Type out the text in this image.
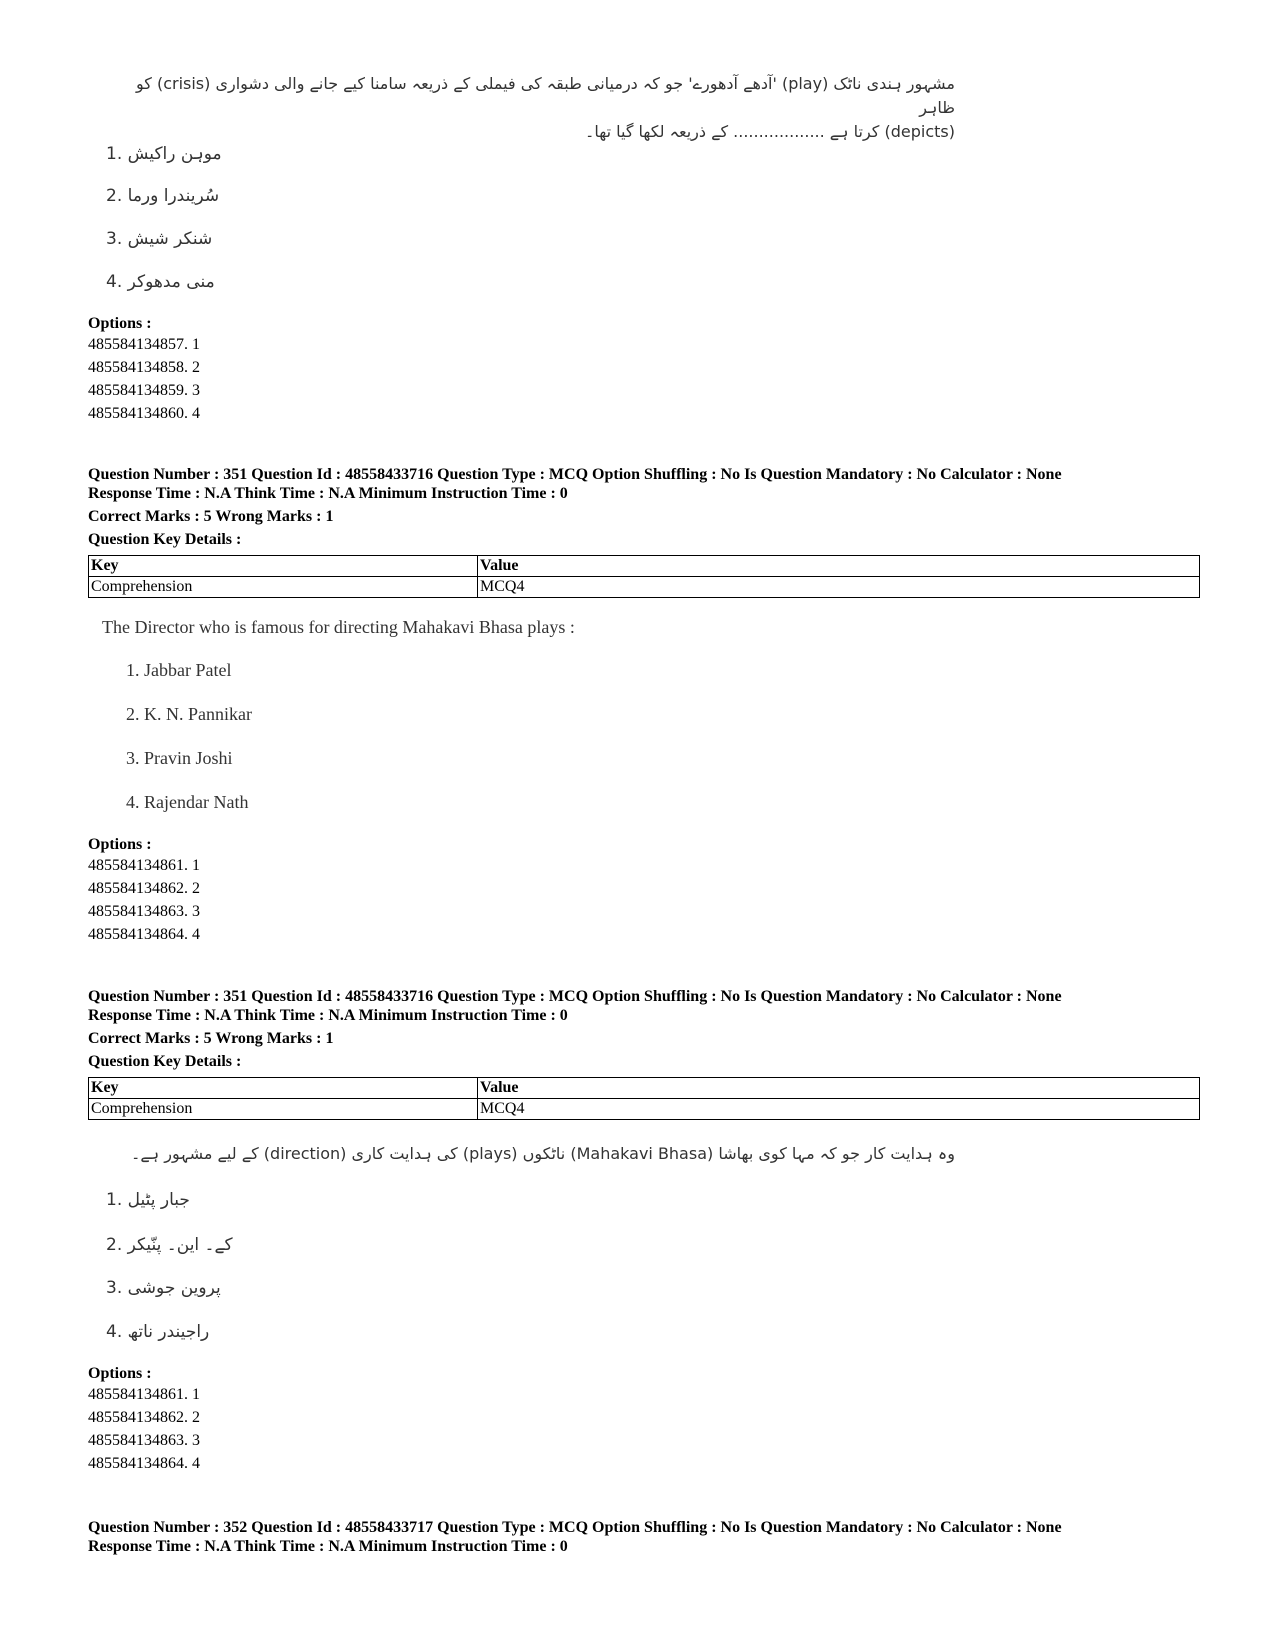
مشہور ہندی ناٹک (play) 'آدھے آدھورے' جو کہ درمیانی طبقہ کی فیملی کے ذریعہ سامنا کیے جانے والی دشواری (crisis) کو ظاہر
(depicts) کرتا ہے .................. کے ذریعہ لکھا گیا تھا۔
موہن راکیش .1
سُریندرا ورما .2
شنکر شیش .3
منی مدھوکر .4
Options :
485584134857. 1
485584134858. 2
485584134859. 3
485584134860. 4
Question Number : 351 Question Id : 48558433716 Question Type : MCQ Option Shuffling : No Is Question Mandatory : No Calculator : None
Response Time : N.A Think Time : N.A Minimum Instruction Time : 0
Correct Marks : 5 Wrong Marks : 1
Question Key Details :
Key	Value
Comprehension	MCQ4
The Director who is famous for directing Mahakavi Bhasa plays :
1. Jabbar Patel
2. K. N. Pannikar
3. Pravin Joshi
4. Rajendar Nath
Options :
485584134861. 1
485584134862. 2
485584134863. 3
485584134864. 4
Question Number : 351 Question Id : 48558433716 Question Type : MCQ Option Shuffling : No Is Question Mandatory : No Calculator : None
Response Time : N.A Think Time : N.A Minimum Instruction Time : 0
Correct Marks : 5 Wrong Marks : 1
Question Key Details :
Key	Value
Comprehension	MCQ4
وہ ہدایت کار جو کہ مہا کوی بھاشا (Mahakavi Bhasa) ناٹکوں (plays) کی ہدایت کاری (direction) کے لیے مشہور ہے۔
جبار پٹیل .1
کے۔ این۔ پنّیکر .2
پروین جوشی .3
راجیندر ناتھ .4
Options :
485584134861. 1
485584134862. 2
485584134863. 3
485584134864. 4
Question Number : 352 Question Id : 48558433717 Question Type : MCQ Option Shuffling : No Is Question Mandatory : No Calculator : None
Response Time : N.A Think Time : N.A Minimum Instruction Time : 0
